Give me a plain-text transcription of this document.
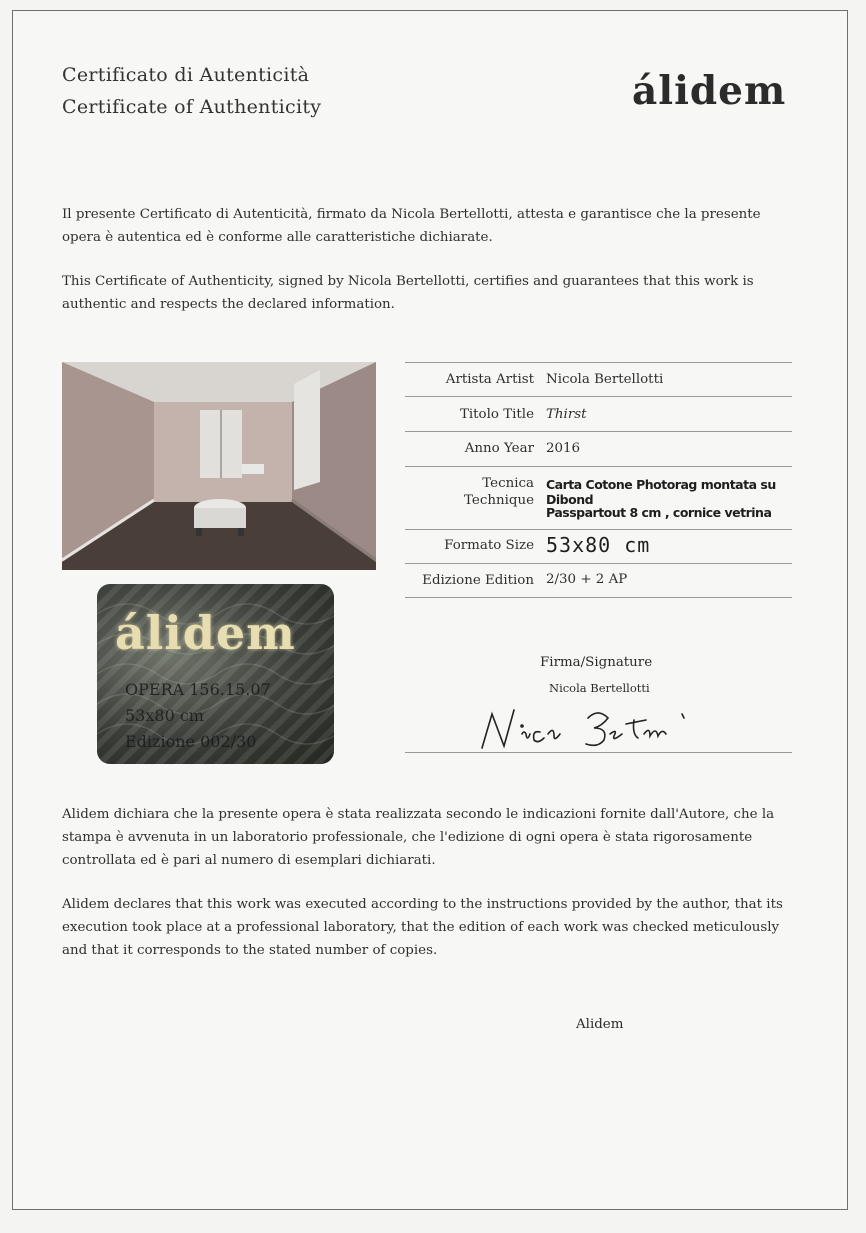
Certificato di Autenticità
Certificate of Authenticity	álidem
Il presente Certificato di Autenticità, firmato da Nicola Bertellotti, attesta e garantisce che la presente opera è autentica ed è conforme alle caratteristiche dichiarate.
This Certificate of Authenticity, signed by Nicola Bertellotti, certifies and guarantees that this work is authentic and respects the declared information.
álidem
OPERA 156.15.07
53x80 cm
Edizione 002/30
Artista Artist Nicola Bertellotti
Titolo Title Thirst
Anno Year 2016
Tecnica
Technique
Carta Cotone Photorag montata su Dibond
Passpartout 8 cm , cornice vetrina
Formato Size 53x80 cm
Edizione Edition 2/30 + 2 AP
Firma/Signature
Nicola Bertellotti
Alidem dichiara che la presente opera è stata realizzata secondo le indicazioni fornite dall'Autore, che la stampa è avvenuta in un laboratorio professionale, che l'edizione di ogni opera è stata rigorosamente controllata ed è pari al numero di esemplari dichiarati.
Alidem declares that this work was executed according to the instructions provided by the author, that its execution took place at a professional laboratory, that the edition of each work was checked meticulously and that it corresponds to the stated number of copies.
Alidem
